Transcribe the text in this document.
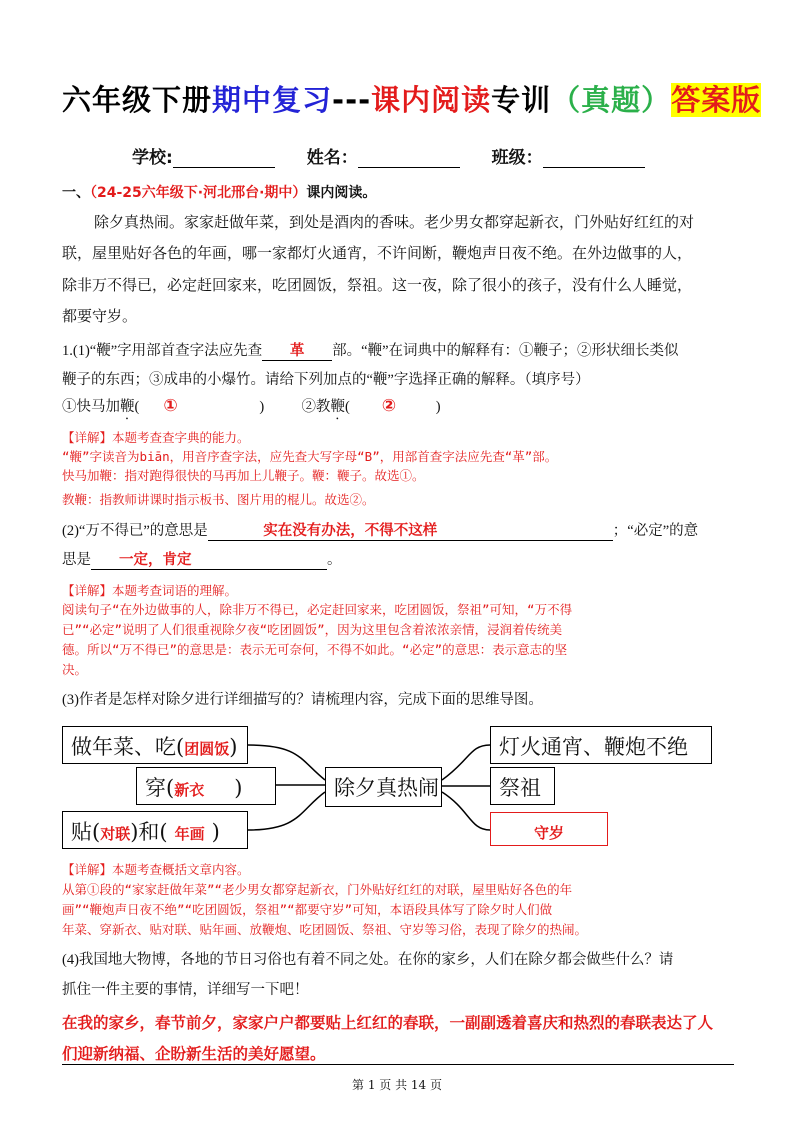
六年级下册期中复习---课内阅读专训（真题）答案版
学校:	姓名：	班级：
一、（24-25六年级下·河北邢台·期中）课内阅读。
除夕真热闹。家家赶做年菜，到处是酒肉的香味。老少男女都穿起新衣，门外贴好红红的对
联，屋里贴好各色的年画，哪一家都灯火通宵，不许间断，鞭炮声日夜不绝。在外边做事的人，
除非万不得已，必定赶回家来，吃团圆饭，祭祖。这一夜，除了很小的孩子，没有什么人睡觉，
都要守岁。
1.(1)“鞭”字用部首查字法应先查 革 部。“鞭”在词典中的解释有：①鞭子；②形状细长类似
鞭子的东西；③成串的小爆竹。请给下列加点的“鞭”字选择正确的解释。（填序号）
①快马加鞭( ①	)  ②教鞭( ②	)
【详解】本题考查查字典的能力。
“鞭”字读音为biān，用音序查字法，应先查大写字母“B”，用部首查字法应先查“革”部。
快马加鞭：指对跑得很快的马再加上儿鞭子。鞭：鞭子。故选①。
教鞭：指教师讲课时指示板书、图片用的棍儿。故选②。
(2)“万不得已”的意思是	实在没有办法，不得不这样	；“必定”的意
思是 一定，肯定	。
【详解】本题考查词语的理解。
阅读句子“在外边做事的人，除非万不得已，必定赶回家来，吃团圆饭，祭祖”可知，“万不得
已”“必定”说明了人们很重视除夕夜“吃团圆饭”，因为这里包含着浓浓亲情，浸润着传统美
德。所以“万不得已”的意思是：表示无可奈何，不得不如此。“必定”的意思：表示意志的坚
决。
(3)作者是怎样对除夕进行详细描写的？请梳理内容，完成下面的思维导图。
做年菜、吃(团圆饭)
穿(新衣 )
贴(对联)和( 年画 )
除夕真热闹
灯火通宵、鞭炮不绝
祭祖
守岁
【详解】本题考查概括文章内容。
从第①段的“家家赶做年菜”“老少男女都穿起新衣，门外贴好红红的对联，屋里贴好各色的年
画”“鞭炮声日夜不绝”“吃团圆饭，祭祖”“都要守岁”可知，本语段具体写了除夕时人们做
年菜、穿新衣、贴对联、贴年画、放鞭炮、吃团圆饭、祭祖、守岁等习俗，表现了除夕的热闹。
(4)我国地大物博，各地的节日习俗也有着不同之处。在你的家乡，人们在除夕都会做些什么？请
抓住一件主要的事情，详细写一下吧！
在我的家乡，春节前夕，家家户户都要贴上红红的春联，一副副透着喜庆和热烈的春联表达了人
们迎新纳福、企盼新生活的美好愿望。
第 1 页 共 14 页
